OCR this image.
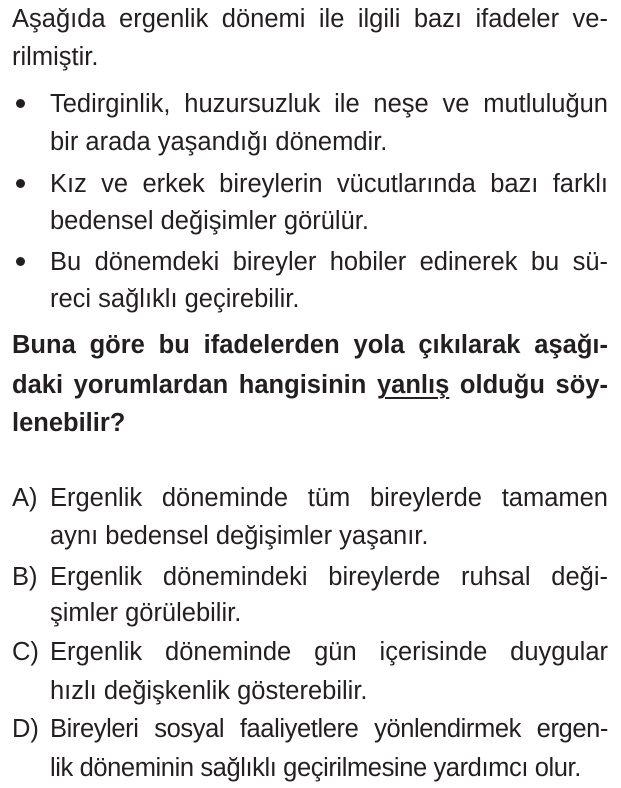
Aşağıda ergenlik dönemi ile ilgili bazı ifadeler ve-
rilmiştir.
Tedirginlik, huzursuzluk ile neşe ve mutluluğun
bir arada yaşandığı dönemdir.
Kız ve erkek bireylerin vücutlarında bazı farklı
bedensel değişimler görülür.
Bu dönemdeki bireyler hobiler edinerek bu sü-
reci sağlıklı geçirebilir.
Buna göre bu ifadelerden yola çıkılarak aşağı-
daki yorumlardan hangisinin yanlış olduğu söy-
lenebilir?
A) Ergenlik döneminde tüm bireylerde tamamen
aynı bedensel değişimler yaşanır.
B) Ergenlik dönemindeki bireylerde ruhsal deği-
şimler görülebilir.
C) Ergenlik döneminde gün içerisinde duygular
hızlı değişkenlik gösterebilir.
D) Bireyleri sosyal faaliyetlere yönlendirmek ergen-
lik döneminin sağlıklı geçirilmesine yardımcı olur.
